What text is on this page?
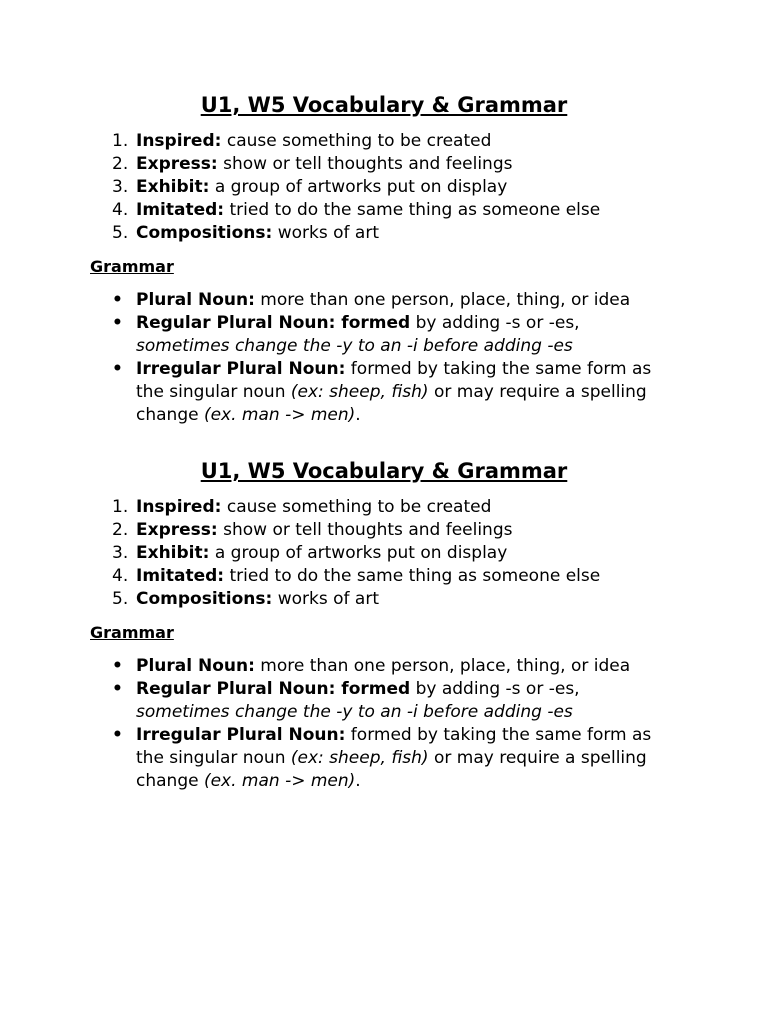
U1, W5 Vocabulary & Grammar
1. Inspired: cause something to be created
2. Express: show or tell thoughts and feelings
3. Exhibit: a group of artworks put on display
4. Imitated: tried to do the same thing as someone else
5. Compositions: works of art
Grammar
• Plural Noun: more than one person, place, thing, or idea
• Regular Plural Noun: formed by adding -s or -es, sometimes change the -y to an -i before adding -es
• Irregular Plural Noun: formed by taking the same form as the singular noun (ex: sheep, fish) or may require a spelling change (ex. man -> men).
U1, W5 Vocabulary & Grammar
1. Inspired: cause something to be created
2. Express: show or tell thoughts and feelings
3. Exhibit: a group of artworks put on display
4. Imitated: tried to do the same thing as someone else
5. Compositions: works of art
Grammar
• Plural Noun: more than one person, place, thing, or idea
• Regular Plural Noun: formed by adding -s or -es, sometimes change the -y to an -i before adding -es
• Irregular Plural Noun: formed by taking the same form as the singular noun (ex: sheep, fish) or may require a spelling change (ex. man -> men).
